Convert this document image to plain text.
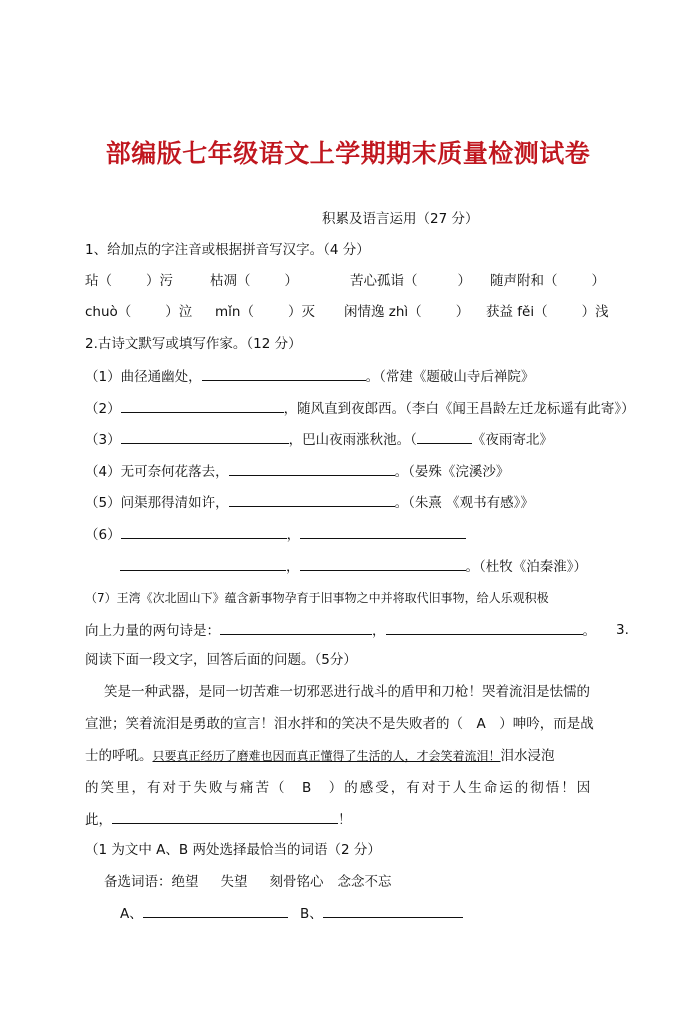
部编版七年级语文上学期期末质量检测试卷
积累及语言运用（27 分）
1、给加点的字注音或根据拼音写汉字。（4 分）
玷（	）污	枯凋（	）	苦心孤诣（	） 随声附和（	）
chuò（	）泣 mǐn（	）灭 闲情逸 zhì（	） 获益 fěi（	）浅
2.古诗文默写或填写作家。（12 分）
（1）曲径通幽处，	。（常建《题破山寺后禅院》
（2）	，随风直到夜郎西。（李白《闻王昌龄左迁龙标遥有此寄》）
（3）	，巴山夜雨涨秋池。（	《夜雨寄北》
（4）无可奈何花落去，	。（晏殊《浣溪沙》
（5）问渠那得清如许，	。（朱熹 《观书有感》》
（6）	，
，	。（杜牧《泊秦淮》）
（7）王湾《次北固山下》蕴含新事物孕育于旧事物之中并将取代旧事物，给人乐观积极
向上力量的两句诗是：	，	。 3.
阅读下面一段文字，回答后面的问题。（5分）
笑是一种武器，是同一切苦难一切邪恶进行战斗的盾甲和刀枪！哭着流泪是怯懦的
宣泄；笑着流泪是勇敢的宣言！泪水拌和的笑决不是失败者的（　A　）呻吟，而是战
士的呼吼。只要真正经历了磨难也因而真正懂得了生活的人，才会笑着流泪！泪水浸泡
的笑里，有对于失败与痛苦（　B　）的感受，有对于人生命运的彻悟！因
此，	！
（1 为文中 A、B 两处选择最恰当的词语（2 分）
备选词语：绝望 失望 刻骨铭心 念念不忘
A、	B、
